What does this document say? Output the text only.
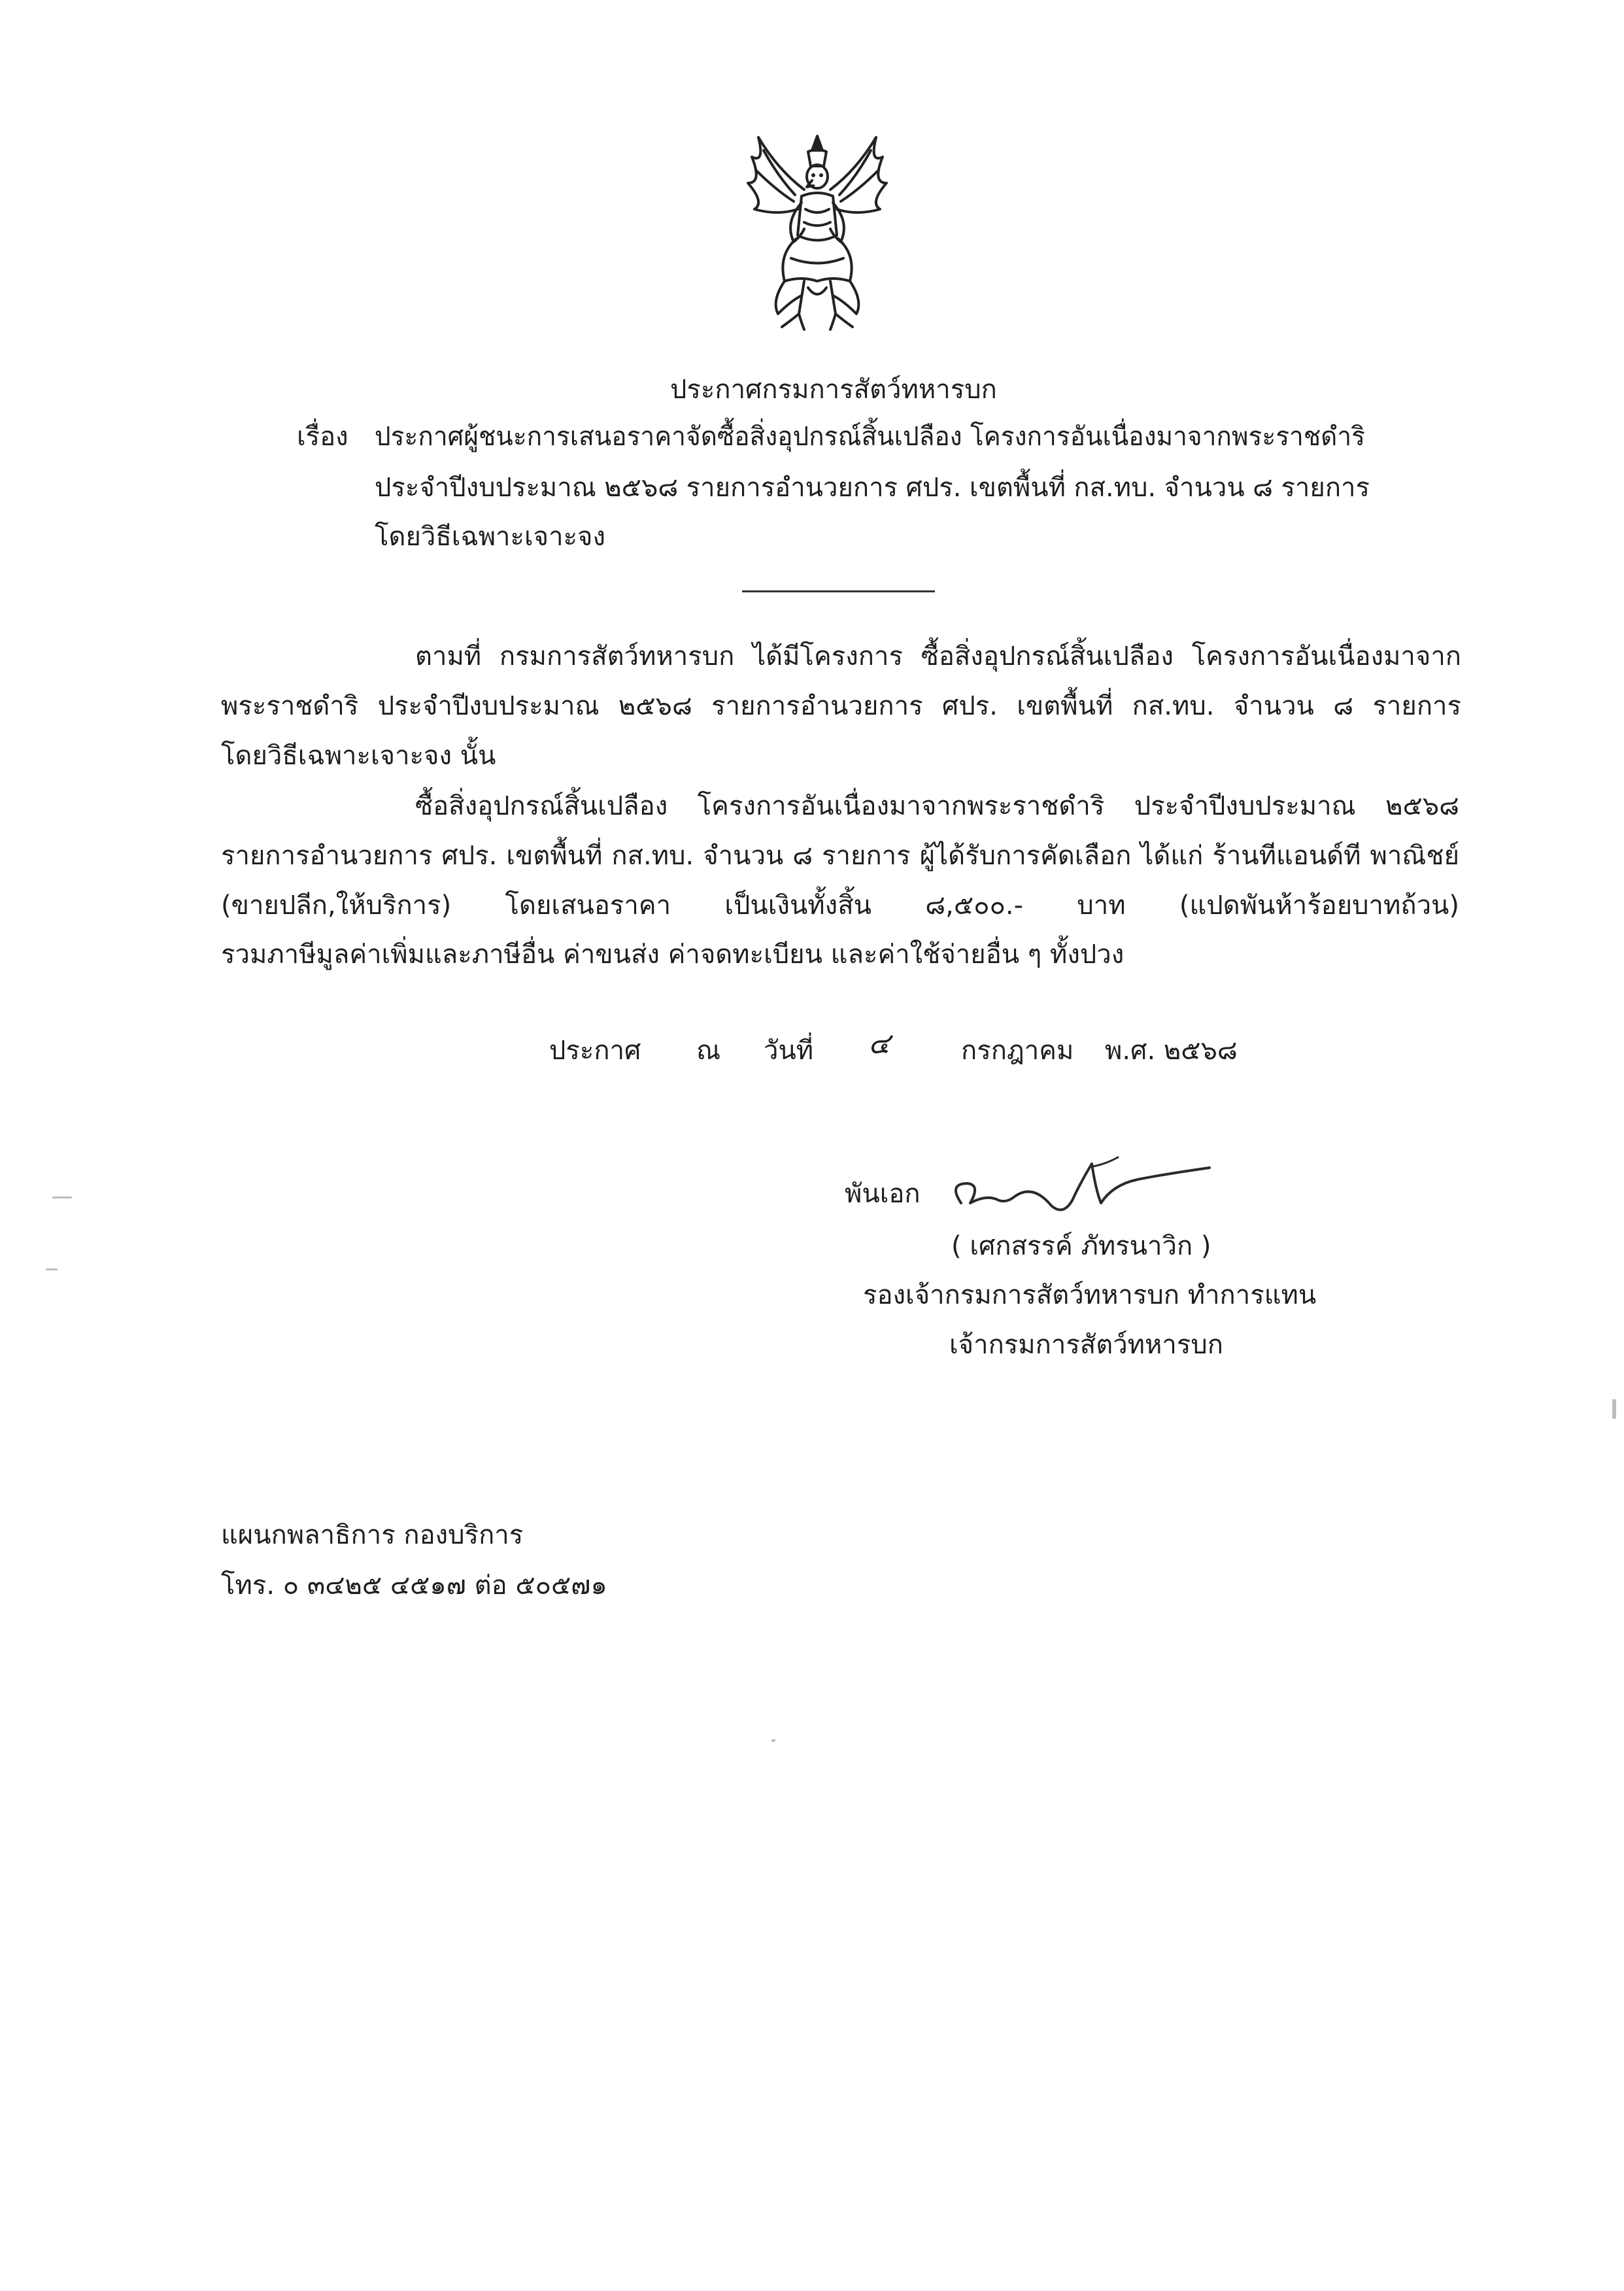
ประกาศกรมการสัตว์ทหารบก
เรื่อง ประกาศผู้ชนะการเสนอราคาจัดซื้อสิ่งอุปกรณ์สิ้นเปลือง โครงการอันเนื่องมาจากพระราชดำริ
ประจำปีงบประมาณ ๒๕๖๘ รายการอำนวยการ ศปร. เขตพื้นที่ กส.ทบ. จำนวน ๘ รายการ
โดยวิธีเฉพาะเจาะจง
ตามที่ กรมการสัตว์ทหารบก ได้มีโครงการ ซื้อสิ่งอุปกรณ์สิ้นเปลือง โครงการอันเนื่องมาจาก
พระราชดำริ ประจำปีงบประมาณ ๒๕๖๘ รายการอำนวยการ ศปร. เขตพื้นที่ กส.ทบ. จำนวน ๘ รายการ
โดยวิธีเฉพาะเจาะจง นั้น
ซื้อสิ่งอุปกรณ์สิ้นเปลือง โครงการอันเนื่องมาจากพระราชดำริ ประจำปีงบประมาณ ๒๕๖๘
รายการอำนวยการ ศปร. เขตพื้นที่ กส.ทบ. จำนวน ๘ รายการ ผู้ได้รับการคัดเลือก ได้แก่ ร้านทีแอนด์ที พาณิชย์
(ขายปลีก,ให้บริการ) โดยเสนอราคา เป็นเงินทั้งสิ้น ๘,๕๐๐.- บาท (แปดพันห้าร้อยบาทถ้วน)
รวมภาษีมูลค่าเพิ่มและภาษีอื่น ค่าขนส่ง ค่าจดทะเบียน และค่าใช้จ่ายอื่น ๆ ทั้งปวง
ประกาศ ณ วันที่ ๔	กรกฎาคม พ.ศ. ๒๕๖๘
พันเอก
( เศกสรรค์ ภัทรนาวิก )
รองเจ้ากรมการสัตว์ทหารบก ทำการแทน
เจ้ากรมการสัตว์ทหารบก
แผนกพลาธิการ กองบริการ
โทร. ๐ ๓๔๒๕ ๔๕๑๗ ต่อ ๕๐๕๗๑
